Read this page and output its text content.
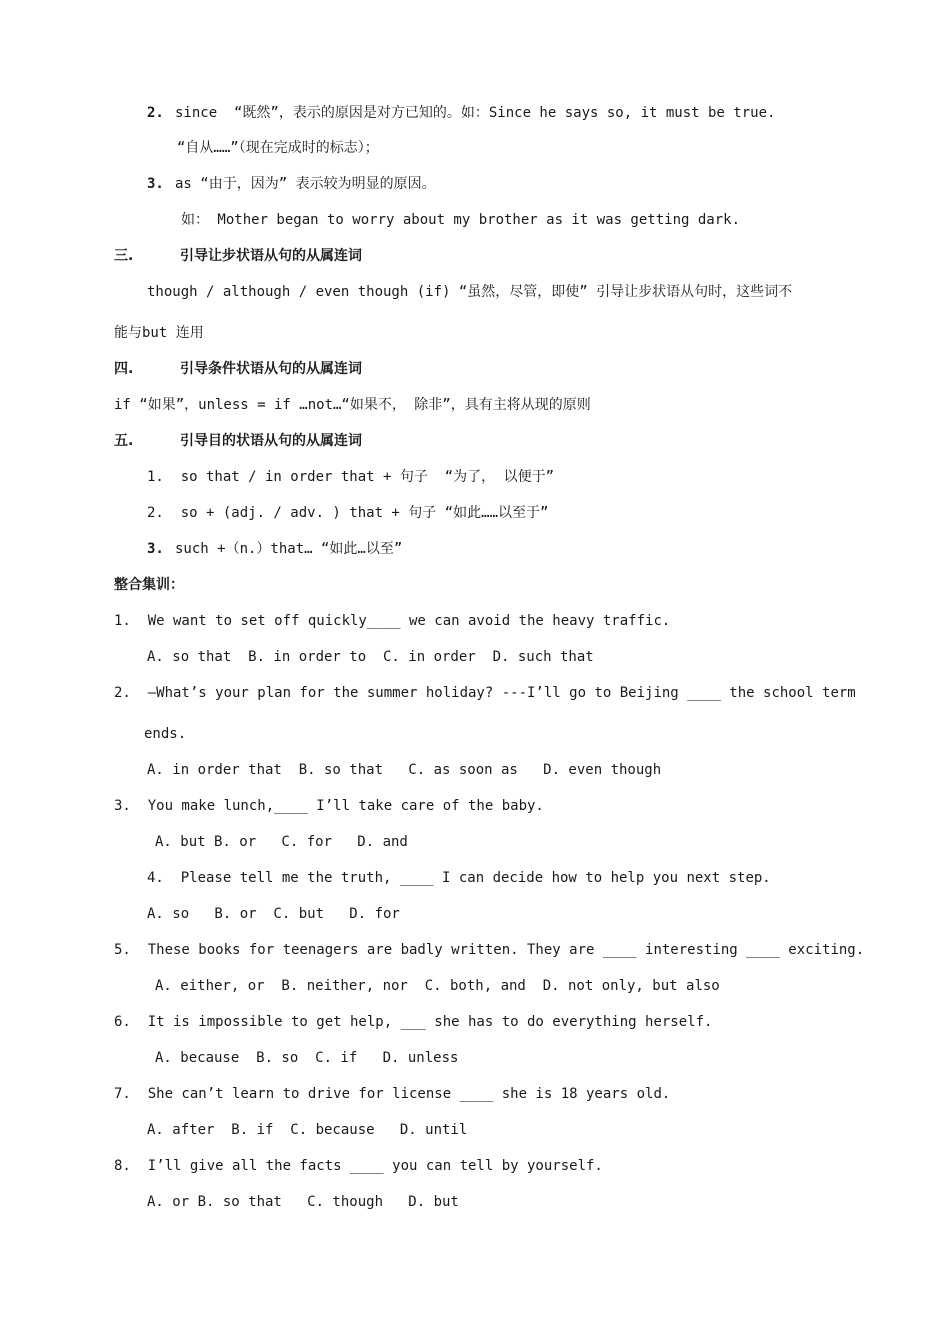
2. since  “既然”，表示的原因是对方已知的。如：Since he says so, it must be true.
“自从……”（现在完成时的标志）；
3. as “由于，因为” 表示较为明显的原因。
如： Mother began to worry about my brother as it was getting dark.
三.	引导让步状语从句的从属连词
though / although / even though (if) “虽然，尽管，即使” 引导让步状语从句时，这些词不
能与but 连用
四.	引导条件状语从句的从属连词
if “如果”，unless = if …not…“如果不， 除非”，具有主将从现的原则
五.	引导目的状语从句的从属连词
1.  so that / in order that + 句子  “为了， 以便于”
2.  so + (adj. / adv. ) that + 句子 “如此……以至于”
3. such +（n.）that… “如此…以至”
整合集训：
1.  We want to set off quickly____ we can avoid the heavy traffic.
A. so that  B. in order to  C. in order  D. such that
2.  –What’s your plan for the summer holiday? ---I’ll go to Beijing ____ the school term
ends.
A. in order that  B. so that   C. as soon as   D. even though
3.  You make lunch,____ I’ll take care of the baby.
A. but B. or   C. for   D. and
4.  Please tell me the truth, ____ I can decide how to help you next step.
A. so   B. or  C. but   D. for
5.  These books for teenagers are badly written. They are ____ interesting ____ exciting.
A. either, or  B. neither, nor  C. both, and  D. not only, but also
6.  It is impossible to get help, ___ she has to do everything herself.
A. because  B. so  C. if   D. unless
7.  She can’t learn to drive for license ____ she is 18 years old.
A. after  B. if  C. because   D. until
8.  I’ll give all the facts ____ you can tell by yourself.
A. or B. so that   C. though   D. but
